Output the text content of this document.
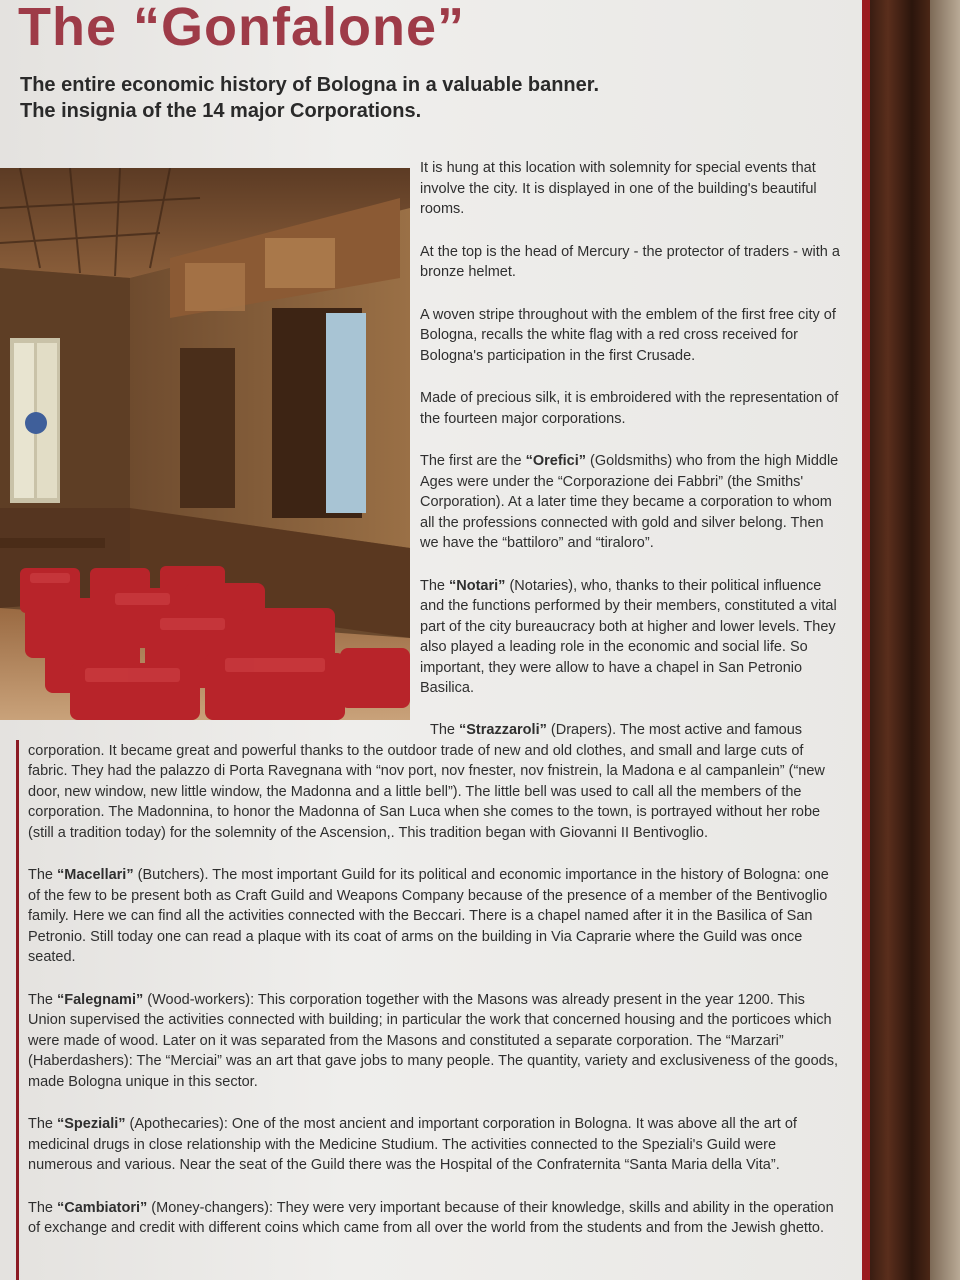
The “Gonfalone”
The entire economic history of Bologna in a valuable banner.
The insignia of the 14 major Corporations.

It is hung at this location with solemnity for special events that involve the city. It is displayed in one of the building's beautiful rooms.

At the top is the head of Mercury - the protector of traders - with a bronze helmet.

A woven stripe throughout with the emblem of the first free city of Bologna, recalls the white flag with a red cross received for Bologna's participation in the first Crusade.

Made of precious silk, it is embroidered with the representation of the fourteen major corporations.

The first are the “Orefici” (Goldsmiths) who from the high Middle Ages were under the “Corporazione dei Fabbri” (the Smiths' Corporation). At a later time they became a corporation to whom all the professions connected with gold and silver belong. Then we have the “battiloro” and “tiraloro”.

The “Notari” (Notaries), who, thanks to their political influence and the functions performed by their members, constituted a vital part of the city bureaucracy both at higher and lower levels. They also played a leading role in the economic and social life. So important, they were allow to have a chapel in San Petronio Basilica.

The “Strazzaroli” (Drapers). The most active and famous
corporation. It became great and powerful thanks to the outdoor trade of new and old clothes, and small and large cuts of fabric. They had the palazzo di Porta Ravegnana with “nov port, nov fnester, nov fnistrein, la Madona e al campanlein” (“new door, new window, new little window, the Madonna and a little bell”). The little bell was used to call all the members of the corporation. The Madonnina, to honor the Madonna of San Luca when she comes to the town, is portrayed without her robe (still a tradition today) for the solemnity of the Ascension,. This tradition began with Giovanni II Bentivoglio.

The “Macellari” (Butchers). The most important Guild for its political and economic importance in the history of Bologna: one of the few to be present both as Craft Guild and Weapons Company because of the presence of a member of the Bentivoglio family. Here we can find all the activities connected with the Beccari. There is a chapel named after it in the Basilica of San Petronio. Still today one can read a plaque with its coat of arms on the building in Via Caprarie where the Guild was once seated.

The “Falegnami” (Wood-workers): This corporation together with the Masons was already present in the year 1200. This Union supervised the activities connected with building; in particular the work that concerned housing and the porticoes which were made of wood. Later on it was separated from the Masons and constituted a separate corporation. The “Marzari” (Haberdashers): The “Merciai” was an art that gave jobs to many people. The quantity, variety and exclusiveness of the goods, made Bologna unique in this sector.

The “Speziali” (Apothecaries): One of the most ancient and important corporation in Bologna. It was above all the art of medicinal drugs in close relationship with the Medicine Studium. The activities connected to the Speziali's Guild were numerous and various. Near the seat of the Guild there was the Hospital of the Confraternita “Santa Maria della Vita”.

The “Cambiatori” (Money-changers): They were very important because of their knowledge, skills and ability in the operation of exchange and credit with different coins which came from all over the world from the students and from the Jewish ghetto.
